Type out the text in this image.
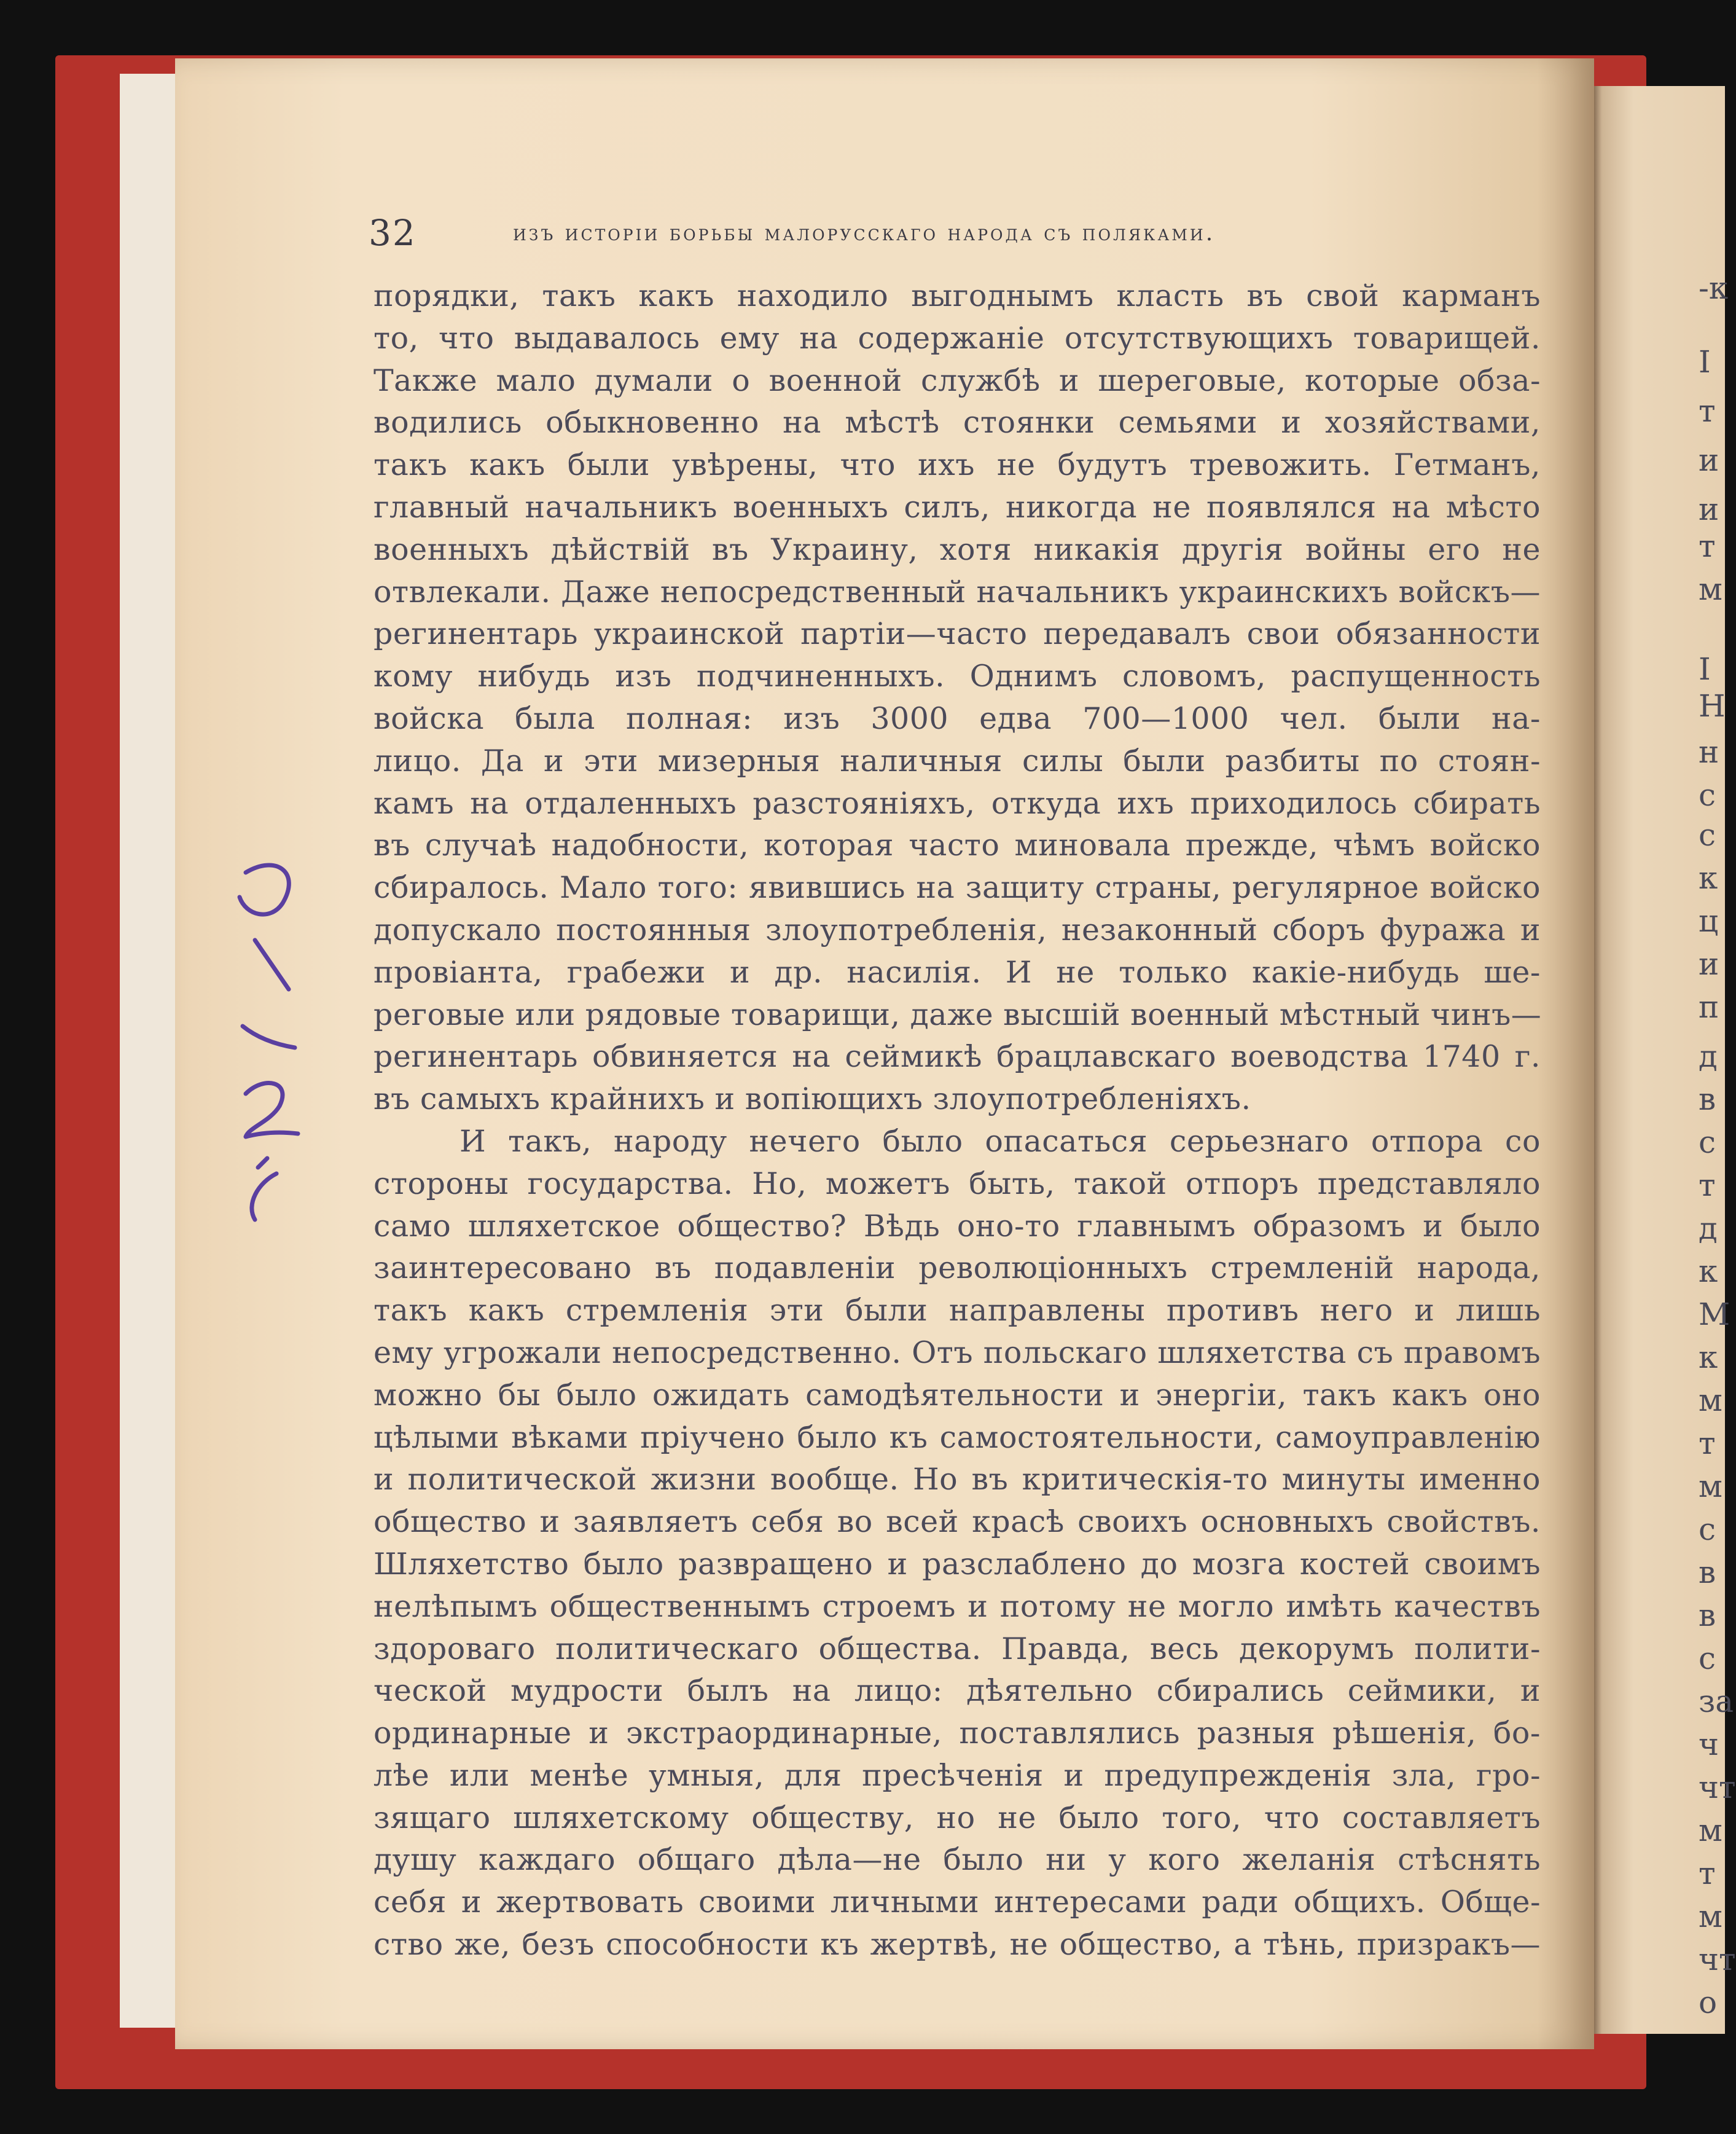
-к
I
т
и
и
т
м
I
Н
н
с
с
к
ц
и
п
д
в
с
т
д
к
М
к
м
т
м
с
в
в
с
за
ч
чт
м
т
м
чт
о
32	изъ исторіи борьбы малорусскаго народа съ поляками.
порядки, такъ какъ находило выгоднымъ класть въ свой карманъ
то, что выдавалось ему на содержаніе отсутствующихъ товарищей.
Также мало думали о военной службѣ и шереговые, которые обза-
водились обыкновенно на мѣстѣ стоянки семьями и хозяйствами,
такъ какъ были увѣрены, что ихъ не будутъ тревожить. Гетманъ,
главный начальникъ военныхъ силъ, никогда не появлялся на мѣсто
военныхъ дѣйствій въ Украину, хотя никакія другія войны его не
отвлекали. Даже непосредственный начальникъ украинскихъ войскъ—
регинентарь украинской партіи—часто передавалъ свои обязанности
кому нибудь изъ подчиненныхъ. Однимъ словомъ, распущенность
войска была полная: изъ 3000 едва 700—1000 чел. были на-
лицо. Да и эти мизерныя наличныя силы были разбиты по стоян-
камъ на отдаленныхъ разстояніяхъ, откуда ихъ приходилось сбирать
въ случаѣ надобности, которая часто миновала прежде, чѣмъ войско
сбиралось. Мало того: явившись на защиту страны, регулярное войско
допускало постоянныя злоупотребленія, незаконный сборъ фуража и
провіанта, грабежи и др. насилія. И не только какіе-нибудь ше-
реговые или рядовые товарищи, даже высшій военный мѣстный чинъ—
регинентарь обвиняется на сеймикѣ брацлавскаго воеводства 1740 г.
въ самыхъ крайнихъ и вопіющихъ злоупотребленіяхъ.
И такъ, народу нечего было опасаться серьезнаго отпора со
стороны государства. Но, можетъ быть, такой отпоръ представляло
само шляхетское общество? Вѣдь оно-то главнымъ образомъ и было
заинтересовано въ подавленіи революціонныхъ стремленій народа,
такъ какъ стремленія эти были направлены противъ него и лишь
ему угрожали непосредственно. Отъ польскаго шляхетства съ правомъ
можно бы было ожидать самодѣятельности и энергіи, такъ какъ оно
цѣлыми вѣками пріучено было къ самостоятельности, самоуправленію
и политической жизни вообще. Но въ критическія-то минуты именно
общество и заявляетъ себя во всей красѣ своихъ основныхъ свойствъ.
Шляхетство было развращено и разслаблено до мозга костей своимъ
нелѣпымъ общественнымъ строемъ и потому не могло имѣть качествъ
здороваго политическаго общества. Правда, весь декорумъ полити-
ческой мудрости былъ на лицо: дѣятельно сбирались сеймики, и
ординарные и экстраординарные, поставлялись разныя рѣшенія, бо-
лѣе или менѣе умныя, для пресѣченія и предупрежденія зла, гро-
зящаго шляхетскому обществу, но не было того, что составляетъ
душу каждаго общаго дѣла—не было ни у кого желанія стѣснять
себя и жертвовать своими личными интересами ради общихъ. Обще-
ство же, безъ способности къ жертвѣ, не общество, а тѣнь, призракъ—
